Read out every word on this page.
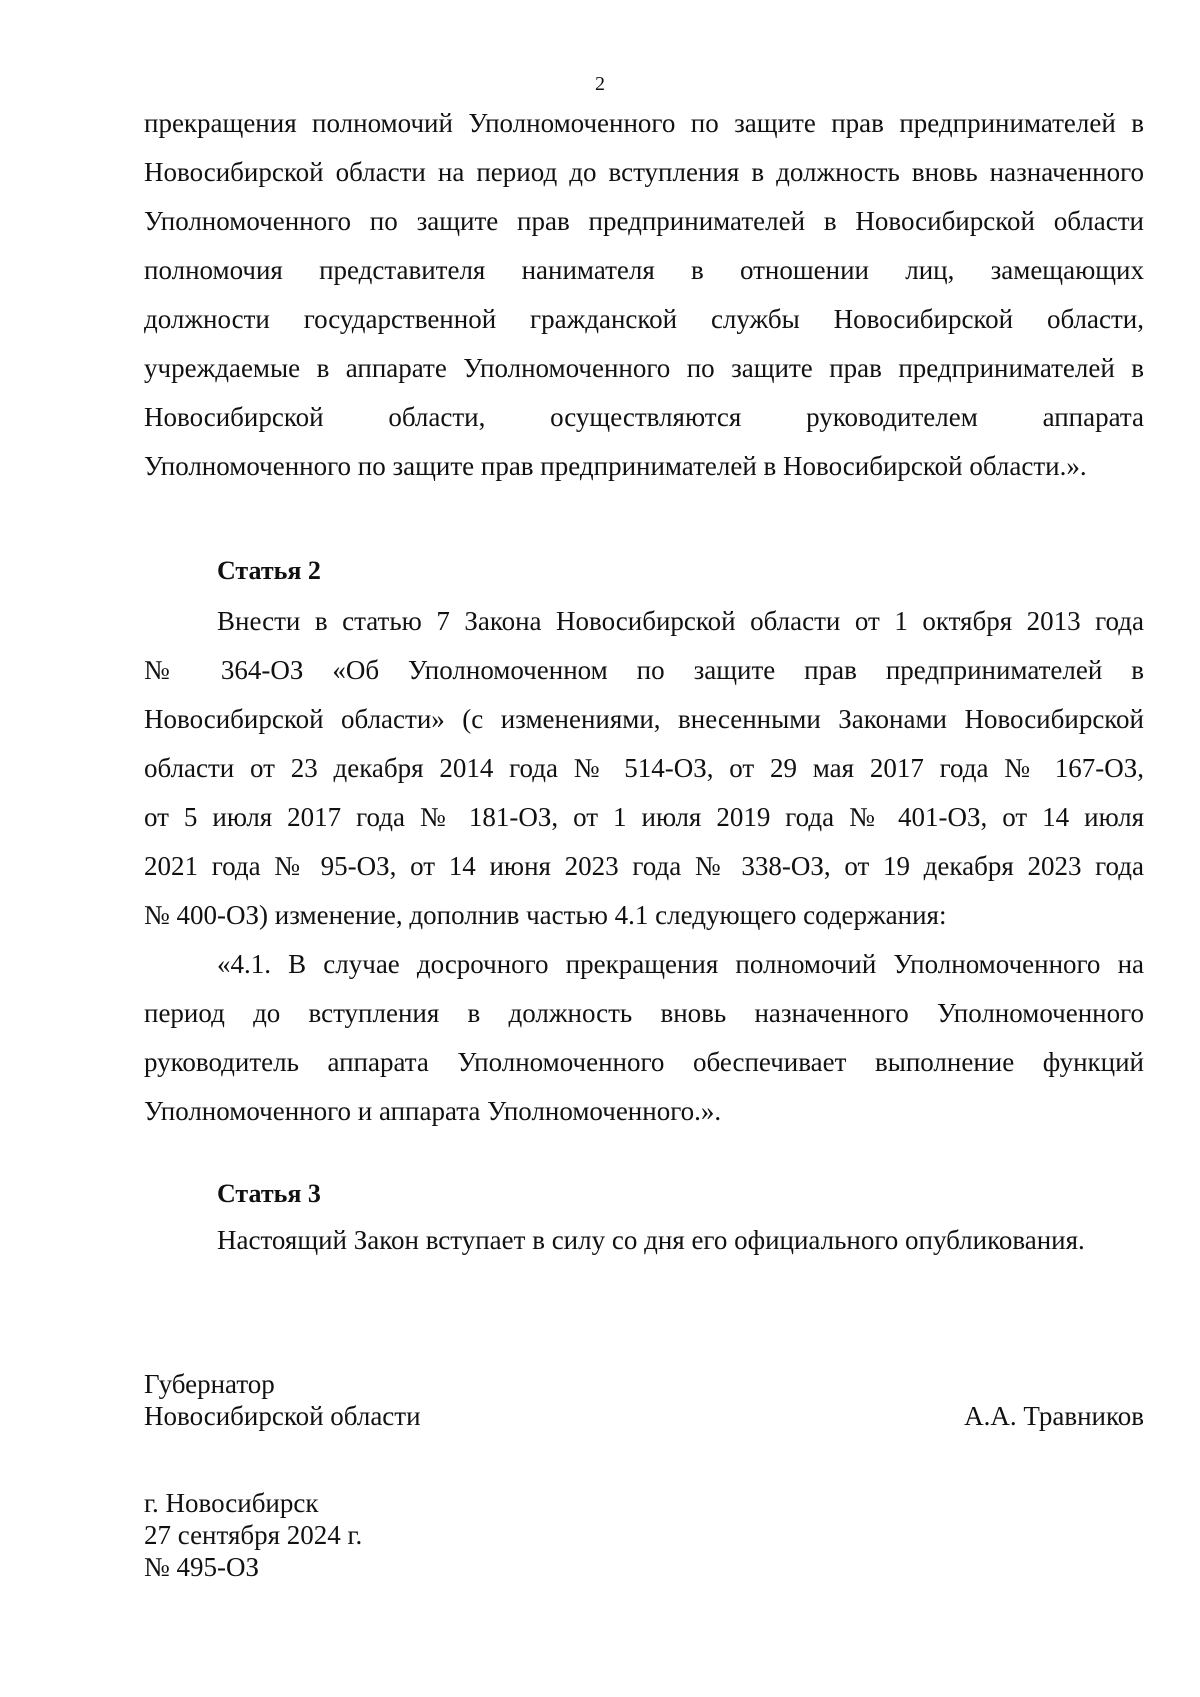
2
прекращения полномочий Уполномоченного по защите прав предпринимателей в
Новосибирской области на период до вступления в должность вновь назначенного
Уполномоченного по защите прав предпринимателей в Новосибирской области
полномочия представителя нанимателя в отношении лиц, замещающих
должности государственной гражданской службы Новосибирской области,
учреждаемые в аппарате Уполномоченного по защите прав предпринимателей в
Новосибирской области, осуществляются руководителем аппарата
Уполномоченного по защите прав предпринимателей в Новосибирской области.».
Статья 2
Внести в статью 7 Закона Новосибирской области от 1 октября 2013 года
№ 364-ОЗ «Об Уполномоченном по защите прав предпринимателей в
Новосибирской области» (с изменениями, внесенными Законами Новосибирской
области от 23 декабря 2014 года № 514-ОЗ, от 29 мая 2017 года № 167-ОЗ,
от 5 июля 2017 года № 181-ОЗ, от 1 июля 2019 года № 401-ОЗ, от 14 июля
2021 года № 95-ОЗ, от 14 июня 2023 года № 338-ОЗ, от 19 декабря 2023 года
№ 400-ОЗ) изменение, дополнив частью 4.1 следующего содержания:
«4.1. В случае досрочного прекращения полномочий Уполномоченного на
период до вступления в должность вновь назначенного Уполномоченного
руководитель аппарата Уполномоченного обеспечивает выполнение функций
Уполномоченного и аппарата Уполномоченного.».
Статья 3
Настоящий Закон вступает в силу со дня его официального опубликования.
Губернатор
Новосибирской области	А.А. Травников
г. Новосибирск
27 сентября 2024 г.
№ 495-ОЗ
